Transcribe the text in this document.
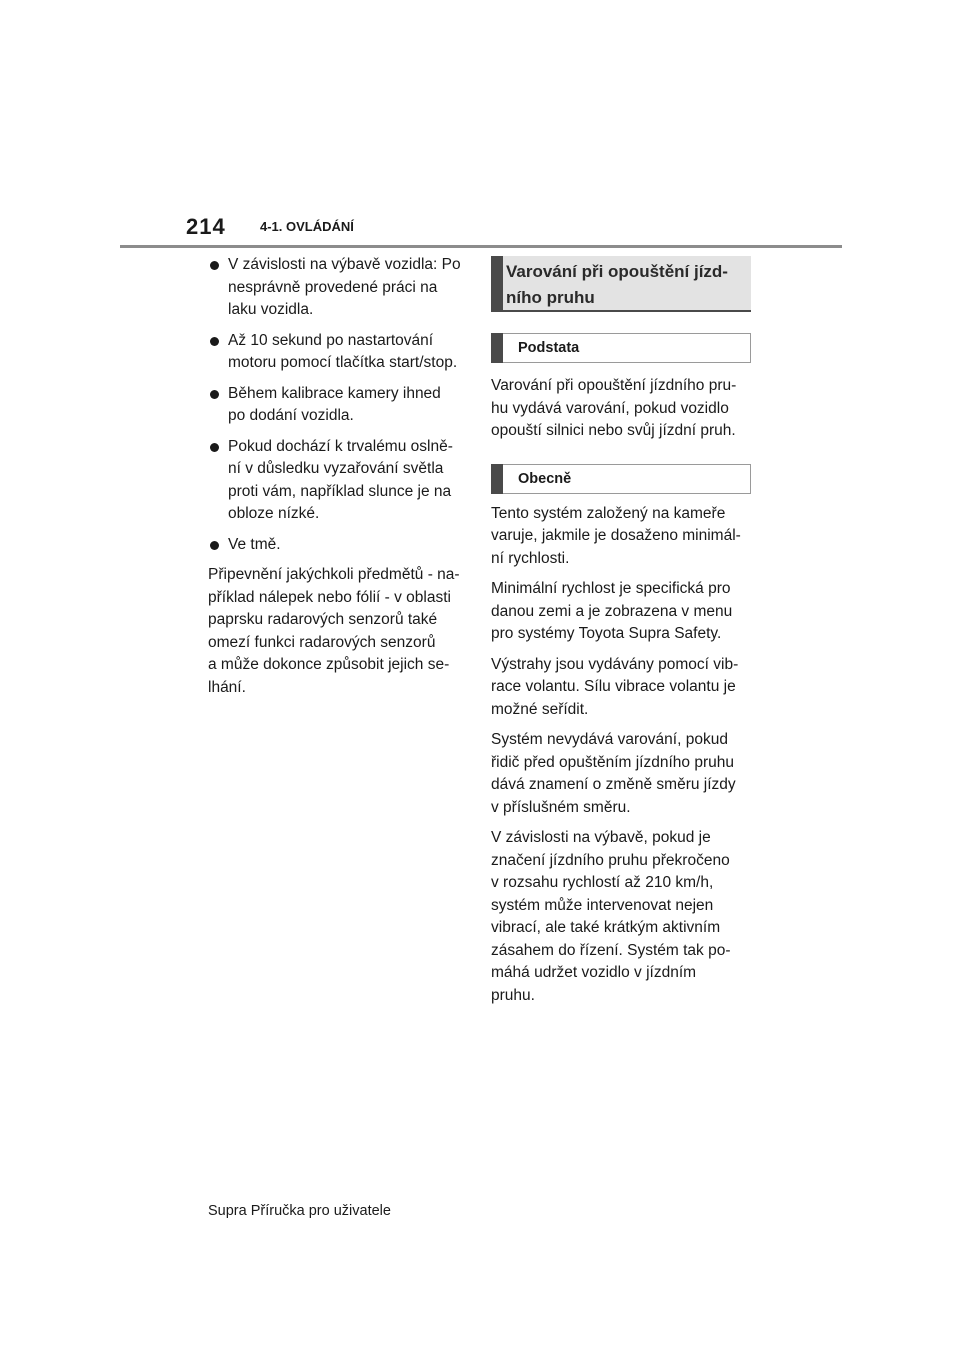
214	4-1. OVLÁDÁNÍ
V závislosti na výbavě vozidla: Po
nesprávně provedené práci na
laku vozidla.
Až 10 sekund po nastartování
motoru pomocí tlačítka start/stop.
Během kalibrace kamery ihned
po dodání vozidla.
Pokud dochází k trvalému oslně-
ní v důsledku vyzařování světla
proti vám, například slunce je na
obloze nízké.
Ve tmě.

Připevnění jakýchkoli předmětů - na-
příklad nálepek nebo fólií - v oblasti
paprsku radarových senzorů také
omezí funkci radarových senzorů
a může dokonce způsobit jejich se-
lhání.

Varování při opouštění jízd-
ního pruhu
Podstata

Varování při opouštění jízdního pru-
hu vydává varování, pokud vozidlo
opouští silnici nebo svůj jízdní pruh.

Obecně

Tento systém založený na kameře
varuje, jakmile je dosaženo minimál-
ní rychlosti.

Minimální rychlost je specifická pro
danou zemi a je zobrazena v menu
pro systémy Toyota Supra Safety.

Výstrahy jsou vydávány pomocí vib-
race volantu. Sílu vibrace volantu je
možné seřídit.

Systém nevydává varování, pokud
řidič před opuštěním jízdního pruhu
dává znamení o změně směru jízdy
v příslušném směru.

V závislosti na výbavě, pokud je
značení jízdního pruhu překročeno
v rozsahu rychlostí až 210 km/h,
systém může intervenovat nejen
vibrací, ale také krátkým aktivním
zásahem do řízení. Systém tak po-
máhá udržet vozidlo v jízdním
pruhu.

Supra Příručka pro uživatele
